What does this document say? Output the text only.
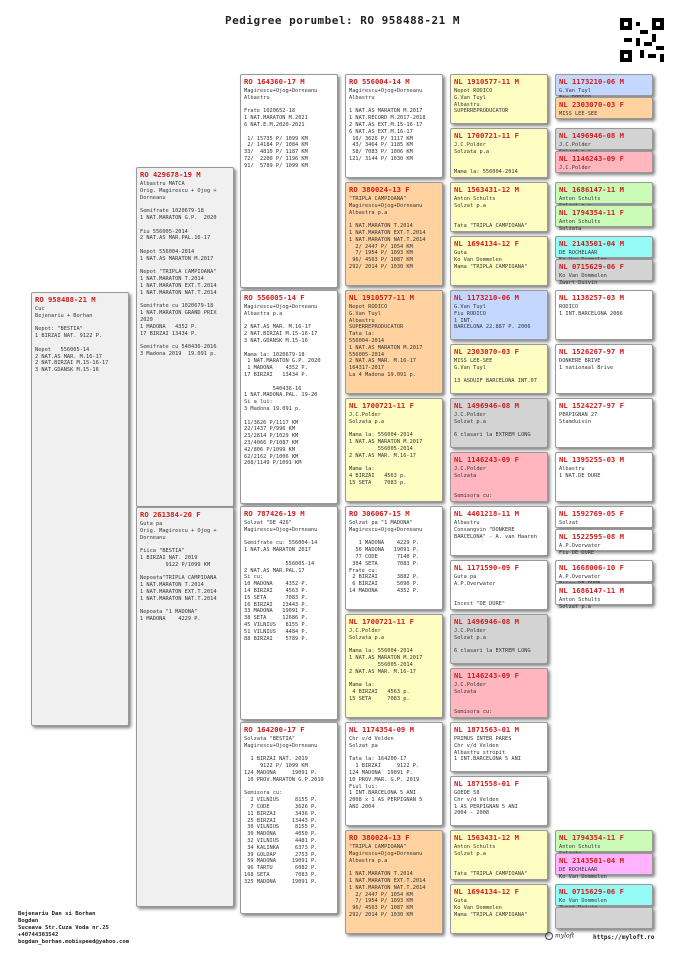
Pedigree porumbel: RO 958488-21 M
RO 958488-21 M
Cuc
Bejenariu + Borhan

Nepot: "BESTIA"
1 BIRZAI NAT. 9122 P.

Nepot   556005-14
2 NAT.AS MAR. M.16-17
2 NAT.BIRZAI M.15-16-17
3 NAT.GDANSK M.15-16
RO 429678-19 M
Albastru MATCA
Orig. Magirescu + Ojog +
Dorneanu

Semifrate 1020679-18
1 NAT.MARATON G.P.  2020

Fiu 556005-2014
2 NAT.AS MAR.PAL.16-17

Nepot 556004-2014
1 NAT.AS MARATON M.2017

Nepot "TRIPLA CAMPIOANA"
1 NAT.MARATON T.2014
1 NAT.MARATON EXT.T.2014
1 NAT.MARATON NAT.T.2014

Semifrate cu 1020679-18
1 NAT.MARATON GRAND PRIX
2020
1 MADONA   4352 P.
17 BIRZAI 13434 P.

Semifrate cu 540436-2016
3 Madona 2019  19.091 p.
RO 261384-20 F
Guta pa
Orig. Magirescu + Ojog +
Dorneanu

Fiica "BESTIA"
1 BIRZAI NAT. 2019
9122 P/1099 KM

Nepoata"TRIPLA CAMPIOANA
1 NAT.MARATON T.2014
1 NAT.MARATON EXT.T.2014
1 NAT.MARATON NAT.T.2014

Nepoata "1 MADONA"
1 MADONA    4229 P.
RO 164360-17 M
Magirescu+Ojog+Dorneanu
Albastru

Frate 1020652-18
1 NAT.MARATON M.2021
6 NAT.E.M.2020-2021

1/ 15735 P/ 1099 KM
2/ 14184 P/ 1084 KM
33/  4810 P/ 1187 KM
72/  2200 P/ 1196 KM
91/  5789 P/ 1099 KM
RO 556005-14 F
Magirescu+Ojog+Dorneanu
Albastra p.a

2 NAT.AS MAR. M.16-17
2 NAT.BIRZAI M.15-16-17
3 NAT.GDANSK M.15-16

Mama la: 1020679-18
1 NAT.MARATON G.P. 2020
1 MADONA    4352 P.
17 BIRZAI   13434 P.

540436-16
1 NAT.MADONA.PAL. 19-20
Si a lui:
3 Madona 19.091 p.

11/3626 P/1117 KM
22/1437 P/996 KM
23/2814 P/1029 KM
23/4066 P/1087 KM
42/806 P/1099 KM
62/2162 P/1006 KM
208/1149 P/1091 KM
RO 787426-19 M
Solzat "DE 426"
Magirescu+Ojog+Dorneanu

Semifrate cu: 556004-14
1 NAT.AS MARATON 2017

556005-14
2 NAT.AS MAR.PAL.17
Si cu:
10 MADONA    4352 P.
14 BIRZAI    4563 P.
15 SETA      7083 P.
16 BIRZAI   13443 P.
33 MADONA   19091 P.
38 SETA     12686 P.
45 VILNIUS   8155 P.
51 VILNIUS   4484 P.
88 BIRZAI    5789 P.
RO 164200-17 F
Solzata "BESTIA"
Magirescu+Ojog+Dorneanu

1 BIRZAI NAT. 2019
9122 P/ 1099 KM
124 MADONA     19091 P.
10 PROV.MARATON G.P.2019

Semisora cu:
2 VILNIUS     8155 P.
7 CODE        3626 P.
11 BIRZAI      3436 P.
25 BIRZAI     13443 P.
30 VILNIUS     8155 P.
30 MADONA      4050 P.
32 VILNIUS     4481 P.
34 KALINKA     6373 P.
39 GOLDAP      2753 P.
59 MADONA     19091 P.
96 TARTU       6082 P.
168 SETA        7083 P.
325 MADONA     19091 P.
RO 556004-14 M
Magirescu+Ojog+Dorneanu
Albastru

1 NAT.AS MARATON M.2017
1 NAT.RECORD M.2017-2018
2 NAT.AS EXT.M.15-16-17
6 NAT.AS EXT.M.16-17
10/ 3626 P/ 1117 KM
43/ 3464 P/ 1185 KM
58/ 7083 P/ 1006 KM
121/ 3144 P/ 1030 KM
RO 380024-13 F
"TRIPLA CAMPIOANA"
Magirescu+Ojog+Dorneanu
Albastra p.a

1 NAT.MARATON T.2014
1 NAT.MARATON EXT.T.2014
1 NAT.MARATON NAT.T.2014
2/ 2447 P/ 1054 KM
7/ 1954 P/ 1093 KM
96/ 4563 P/ 1087 KM
292/ 2014 P/ 1030 KM
NL 1910577-11 M
Nepot RODICO
G.Van Tuyl
Albastru
SUPERREPRODUCATOR
Tata la:
556004-2014
1 NAT.AS MARATON M.2017
556005-2014
2 NAT.AS MAR. M.16-17
164317-2017
La 4 Madona 19.091 p.
NL 1700721-11 F
J.C.Polder
Solzata p.a

Mama la: 556004-2014
1 NAT.AS MARATON M.2017
556005-2014
2 NAT.AS MAR. M.16-17

Mama la:
4 BIRZAI   4563 p.
15 SETA    7083 p.
RO 306067-15 M
Solzat pa "1 MADONA"
Magirescu+Ojog+Dorneanu

1 MADONA    4229 P.
56 MADONA   19091 P.
77 CODE      7140 P.
304 SETA      7083 P.
Frate cu:
2 BIRZAI      3882 P.
6 BIRZAI      5090 P.
14 MADONA      4352 P.
NL 1700721-11 F
J.C.Polder
Solzata p.a

Mama la: 556004-2014
1 NAT.AS MARATON M.2017
556005-2014
2 NAT.AS MAR. M.16-17

Mama la:
4 BIRZAI   4563 p.
15 SETA     7083 p.
NL 1174354-09 M
Chr v/d Velden
Solzat pa

Tata la: 164200-17
1 BIRZAI     9122 P.
124 MADONA  19091 P.
10 PROV.MAR. G.P. 2019
Fiul lui:
1 INT.BARCELONA 5 ANI
2008 x 1 AS PERPIGNAN 5
ANI 2004
RO 380024-13 F
"TRIPLA CAMPIOANA"
Magirescu+Ojog+Dorneanu
Albastra p.a

1 NAT.MARATON T.2014
1 NAT.MARATON EXT.T.2014
1 NAT.MARATON NAT.T.2014
2/ 2447 P/ 1054 KM
7/ 1954 P/ 1093 KM
96/ 4563 P/ 1087 KM
292/ 2014 P/ 1030 KM
NL 1910577-11 M
Nepot RODICO
G.Van Tuyl
Albastru
SUPERREPRODUCATOR
NL 1700721-11 F
J.C.Polder
Solzata p.a

Mama la: 556004-2014
NL 1563431-12 M
Anton Schults
Solzat p.a

Tata "TRIPLA CAMPIOANA"
NL 1694134-12 F
Guta
Ko Van Dommelen
Mama "TRIPLA CAMPIOANA"
NL 1173210-06 M
G.Van Tuyl
Fiu RODICO
1 INT.
BARCELONA 22.887 P. 2006
NL 2303070-03 F
MISS LEE-SEE
G.Van Tuyl

13 ASDUIF BARCELONA INT.07
NL 1496946-08 M
J.C.Polder
Solzat p.a

6 clasari la EXTREM LONG
NL 1146243-09 F
J.C.Polder
Solzata

Semisora cu:
NL 4401218-11 M
Albastru
Consangvin "DONKERE
BARCELONA" - A. van Haaren
NL 1171590-09 F
Guta pa
A.P.Overwater

Incest "DE DURE"
NL 1496946-08 M
J.C.Polder
Solzat p.a

6 clasari la EXTREM LONG
NL 1146243-09 F
J.C.Polder
Solzata

Semisora cu:
NL 1871563-01 M
PRIMUS INTER PARES
Chr v/d Velden
Albastru stropit
1 INT.BARCELONA 5 ANI
NL 1871558-01 F
GOEDE 58
Chr v/d Velden
1 AS PERPIGNAN 5 ANI
2004 - 2008
NL 1563431-12 M
Anton Schults
Solzat p.a

Tata "TRIPLA CAMPIOANA"
NL 1694134-12 F
Guta
Ko Van Dommelen
Mama "TRIPLA CAMPIOANA"
NL 1173210-06 M
G.Van Tuyl

NL 2303070-03 F
MISS LEE-SEE
NL 1496946-08 M
J.C.Polder

NL 1146243-09 F
J.C.Polder
NL 1686147-11 M
Anton Schults

NL 1794354-11 F
Anton Schults
Solzata
NL 2143501-04 M
DE ROCHELAAR

NL 0715629-06 F
Ko Van Dommelen
Zwart Duivin
NL 1138257-03 M
RODICO
1 INT.BARCELONA 2006
NL 1526267-97 M
DONKERE BRIVE
1 nationaal Brive
NL 1524227-97 F
PERPIGNAN 27
Stamduivin
NL 1395255-03 M
Albastru
1 NAT.DE DURE
NL 1592769-05 F
Solzat
NL 1522595-08 M
A.P.Overwater
Fiu DE DURE
NL 1668006-10 F
A.P.Overwater

NL 1686147-11 M
Anton Schults
Solzat p.a
NL 1794354-11 F
Anton Schults

NL 2143501-04 M
DE ROCHELAAR
Ko Van Dommelen
NL 0715629-06 F
Ko Van Dommelen

Bejenariu Dan si Borhan
Bogdan
Suceava Str.Cuza Voda nr.25
+40744303542
bogdan_borhan.mobispeed@yahoo.com
myloft	https://myloft.ro
